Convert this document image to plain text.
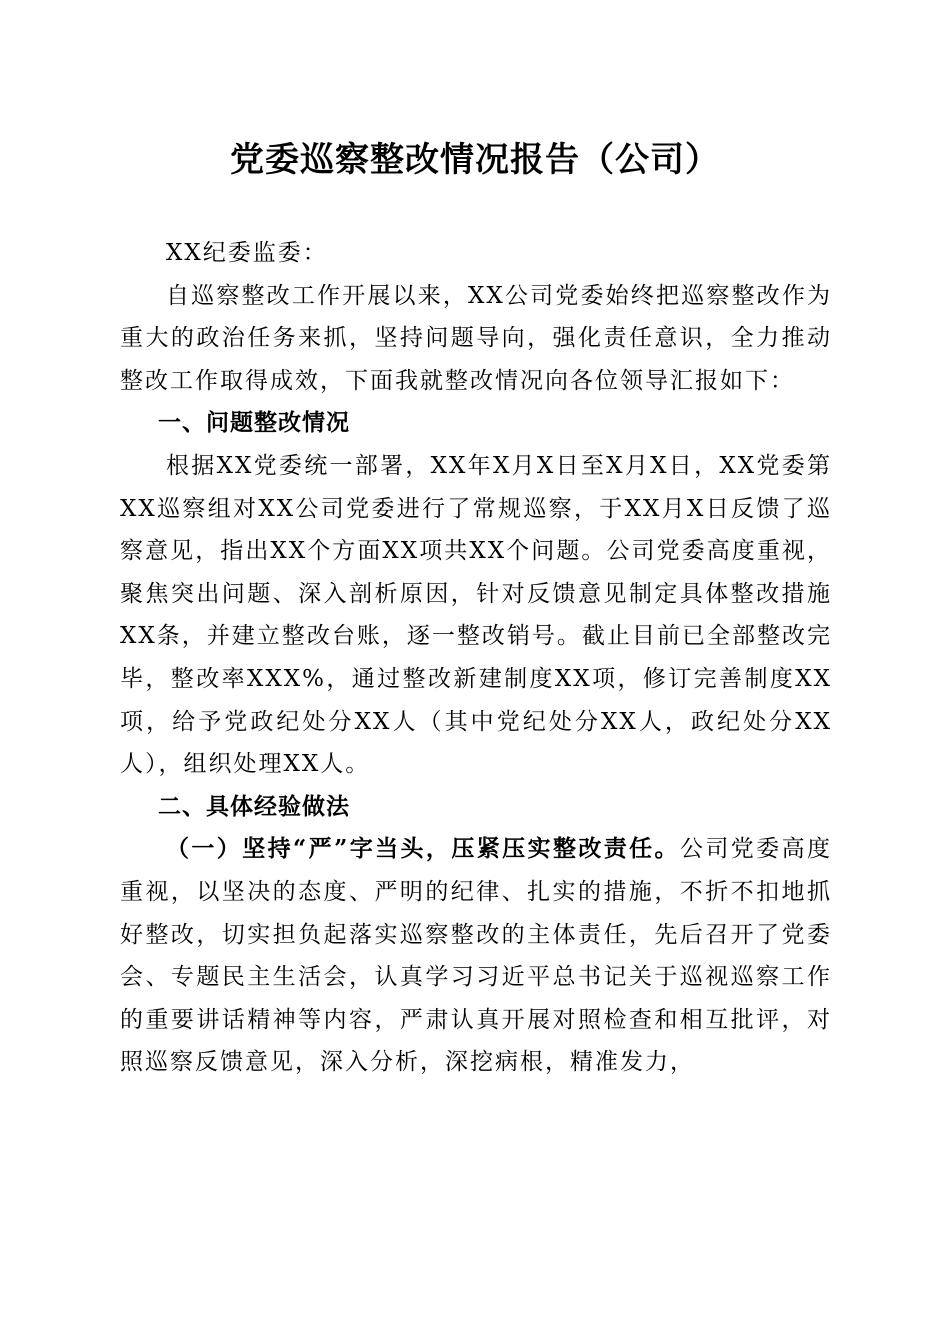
党委巡察整改情况报告（公司）

XX纪委监委：

自巡察整改工作开展以来，XX公司党委始终把巡察整改作为重大的政治任务来抓，坚持问题导向，强化责任意识，全力推动整改工作取得成效，下面我就整改情况向各位领导汇报如下：

一、问题整改情况

根据XX党委统一部署，XX年X月X日至X月X日，XX党委第XX巡察组对XX公司党委进行了常规巡察，于XX月X日反馈了巡察意见，指出XX个方面XX项共XX个问题。公司党委高度重视，聚焦突出问题、深入剖析原因，针对反馈意见制定具体整改措施XX条，并建立整改台账，逐一整改销号。截止目前已全部整改完毕，整改率XXX%，通过整改新建制度XX项，修订完善制度XX项，给予党政纪处分XX人（其中党纪处分XX人，政纪处分XX人），组织处理XX人。

二、具体经验做法

（一）坚持“严”字当头，压紧压实整改责任。公司党委高度重视，以坚决的态度、严明的纪律、扎实的措施，不折不扣地抓好整改，切实担负起落实巡察整改的主体责任，先后召开了党委会、专题民主生活会，认真学习习近平总书记关于巡视巡察工作的重要讲话精神等内容，严肃认真开展对照检查和相互批评，对照巡察反馈意见，深入分析，深挖病根，精准发力，
